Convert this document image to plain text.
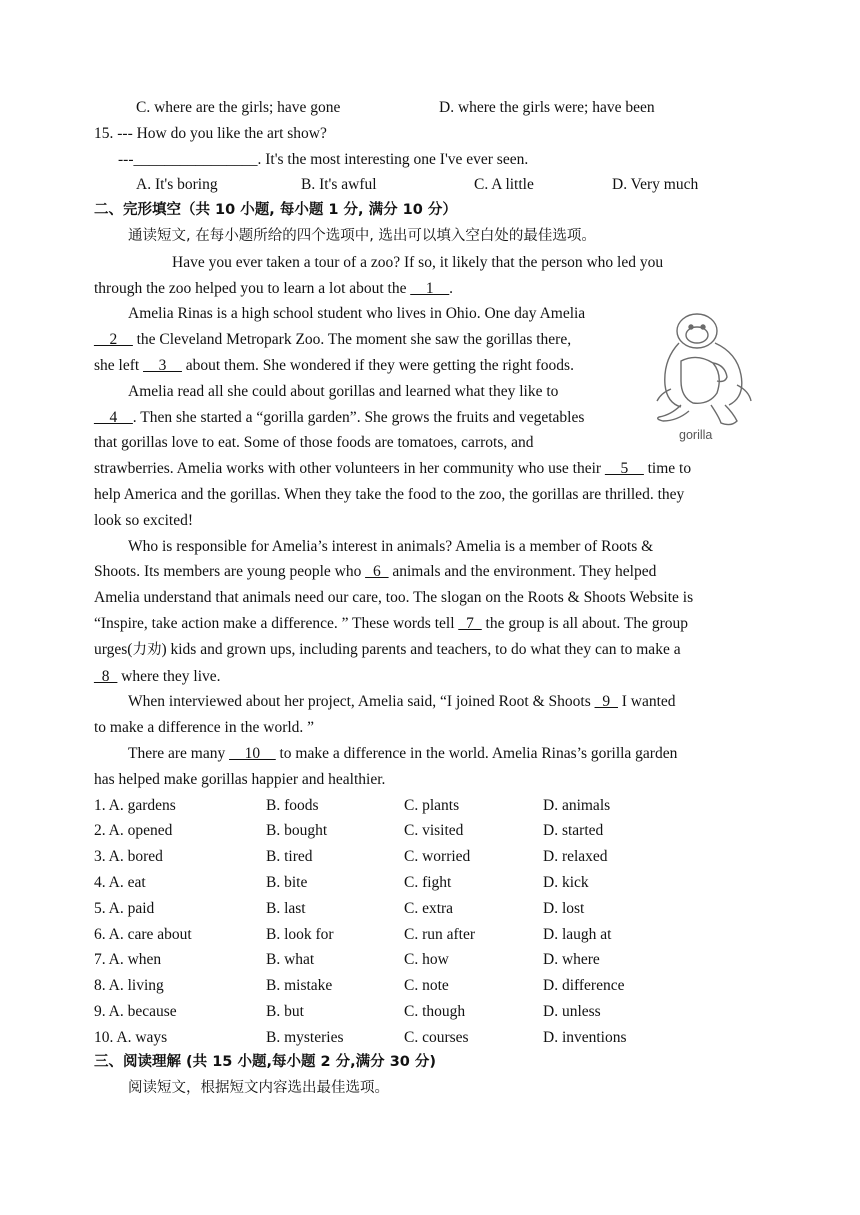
C. where are the girls; have gone	D. where the girls were; have been
15. --- How do you like the art show?
---________________. It's the most interesting one I've ever seen.
A. It's boring	B. It's awful	C. A little	D. Very much
二、完形填空（共 10 小题, 每小题 1 分, 满分 10 分）
通读短文, 在每小题所给的四个选项中, 选出可以填入空白处的最佳选项。
Have you ever taken a tour of a zoo? If so, it likely that the person who led you
through the zoo helped you to learn a lot about the __1__.
gorilla
Amelia Rinas is a high school student who lives in Ohio. One day Amelia
__2__ the Cleveland Metropark Zoo. The moment she saw the gorillas there,
she left __3__ about them. She wondered if they were getting the right foods.
Amelia read all she could about gorillas and learned what they like to
__4__. Then she started a “gorilla garden”. She grows the fruits and vegetables
that gorillas love to eat. Some of those foods are tomatoes, carrots, and
strawberries. Amelia works with other volunteers in her community who use their __5__ time to
help America and the gorillas. When they take the food to the zoo, the gorillas are thrilled. they
look so excited!
Who is responsible for Amelia’s interest in animals? Amelia is a member of Roots &
Shoots. Its members are young people who _6_ animals and the environment. They helped
Amelia understand that animals need our care, too. The slogan on the Roots & Shoots Website is
“Inspire, take action make a difference. ” These words tell _7_ the group is all about. The group
urges(力劝) kids and grown ups, including parents and teachers, to do what they can to make a
_8_ where they live.
When interviewed about her project, Amelia said, “I joined Root & Shoots _9_ I wanted
to make a difference in the world. ”
There are many __10__ to make a difference in the world. Amelia Rinas’s gorilla garden
has helped make gorillas happier and healthier.
1. A. gardens	B. foods	C. plants	D. animals
2. A. opened	B. bought	C. visited	D. started
3. A. bored	B. tired	C. worried	D. relaxed
4. A. eat	B. bite	C. fight	D. kick
5. A. paid	B. last	C. extra	D. lost
6. A. care about	B. look for	C. run after	D. laugh at
7. A. when	B. what	C. how	D. where
8. A. living	B. mistake	C. note	D. difference
9. A. because	B. but	C. though	D. unless
10. A. ways	B. mysteries	C. courses	D. inventions
三、阅读理解 (共 15 小题,每小题 2 分,满分 30 分)
阅读短文，根据短文内容选出最佳选项。
